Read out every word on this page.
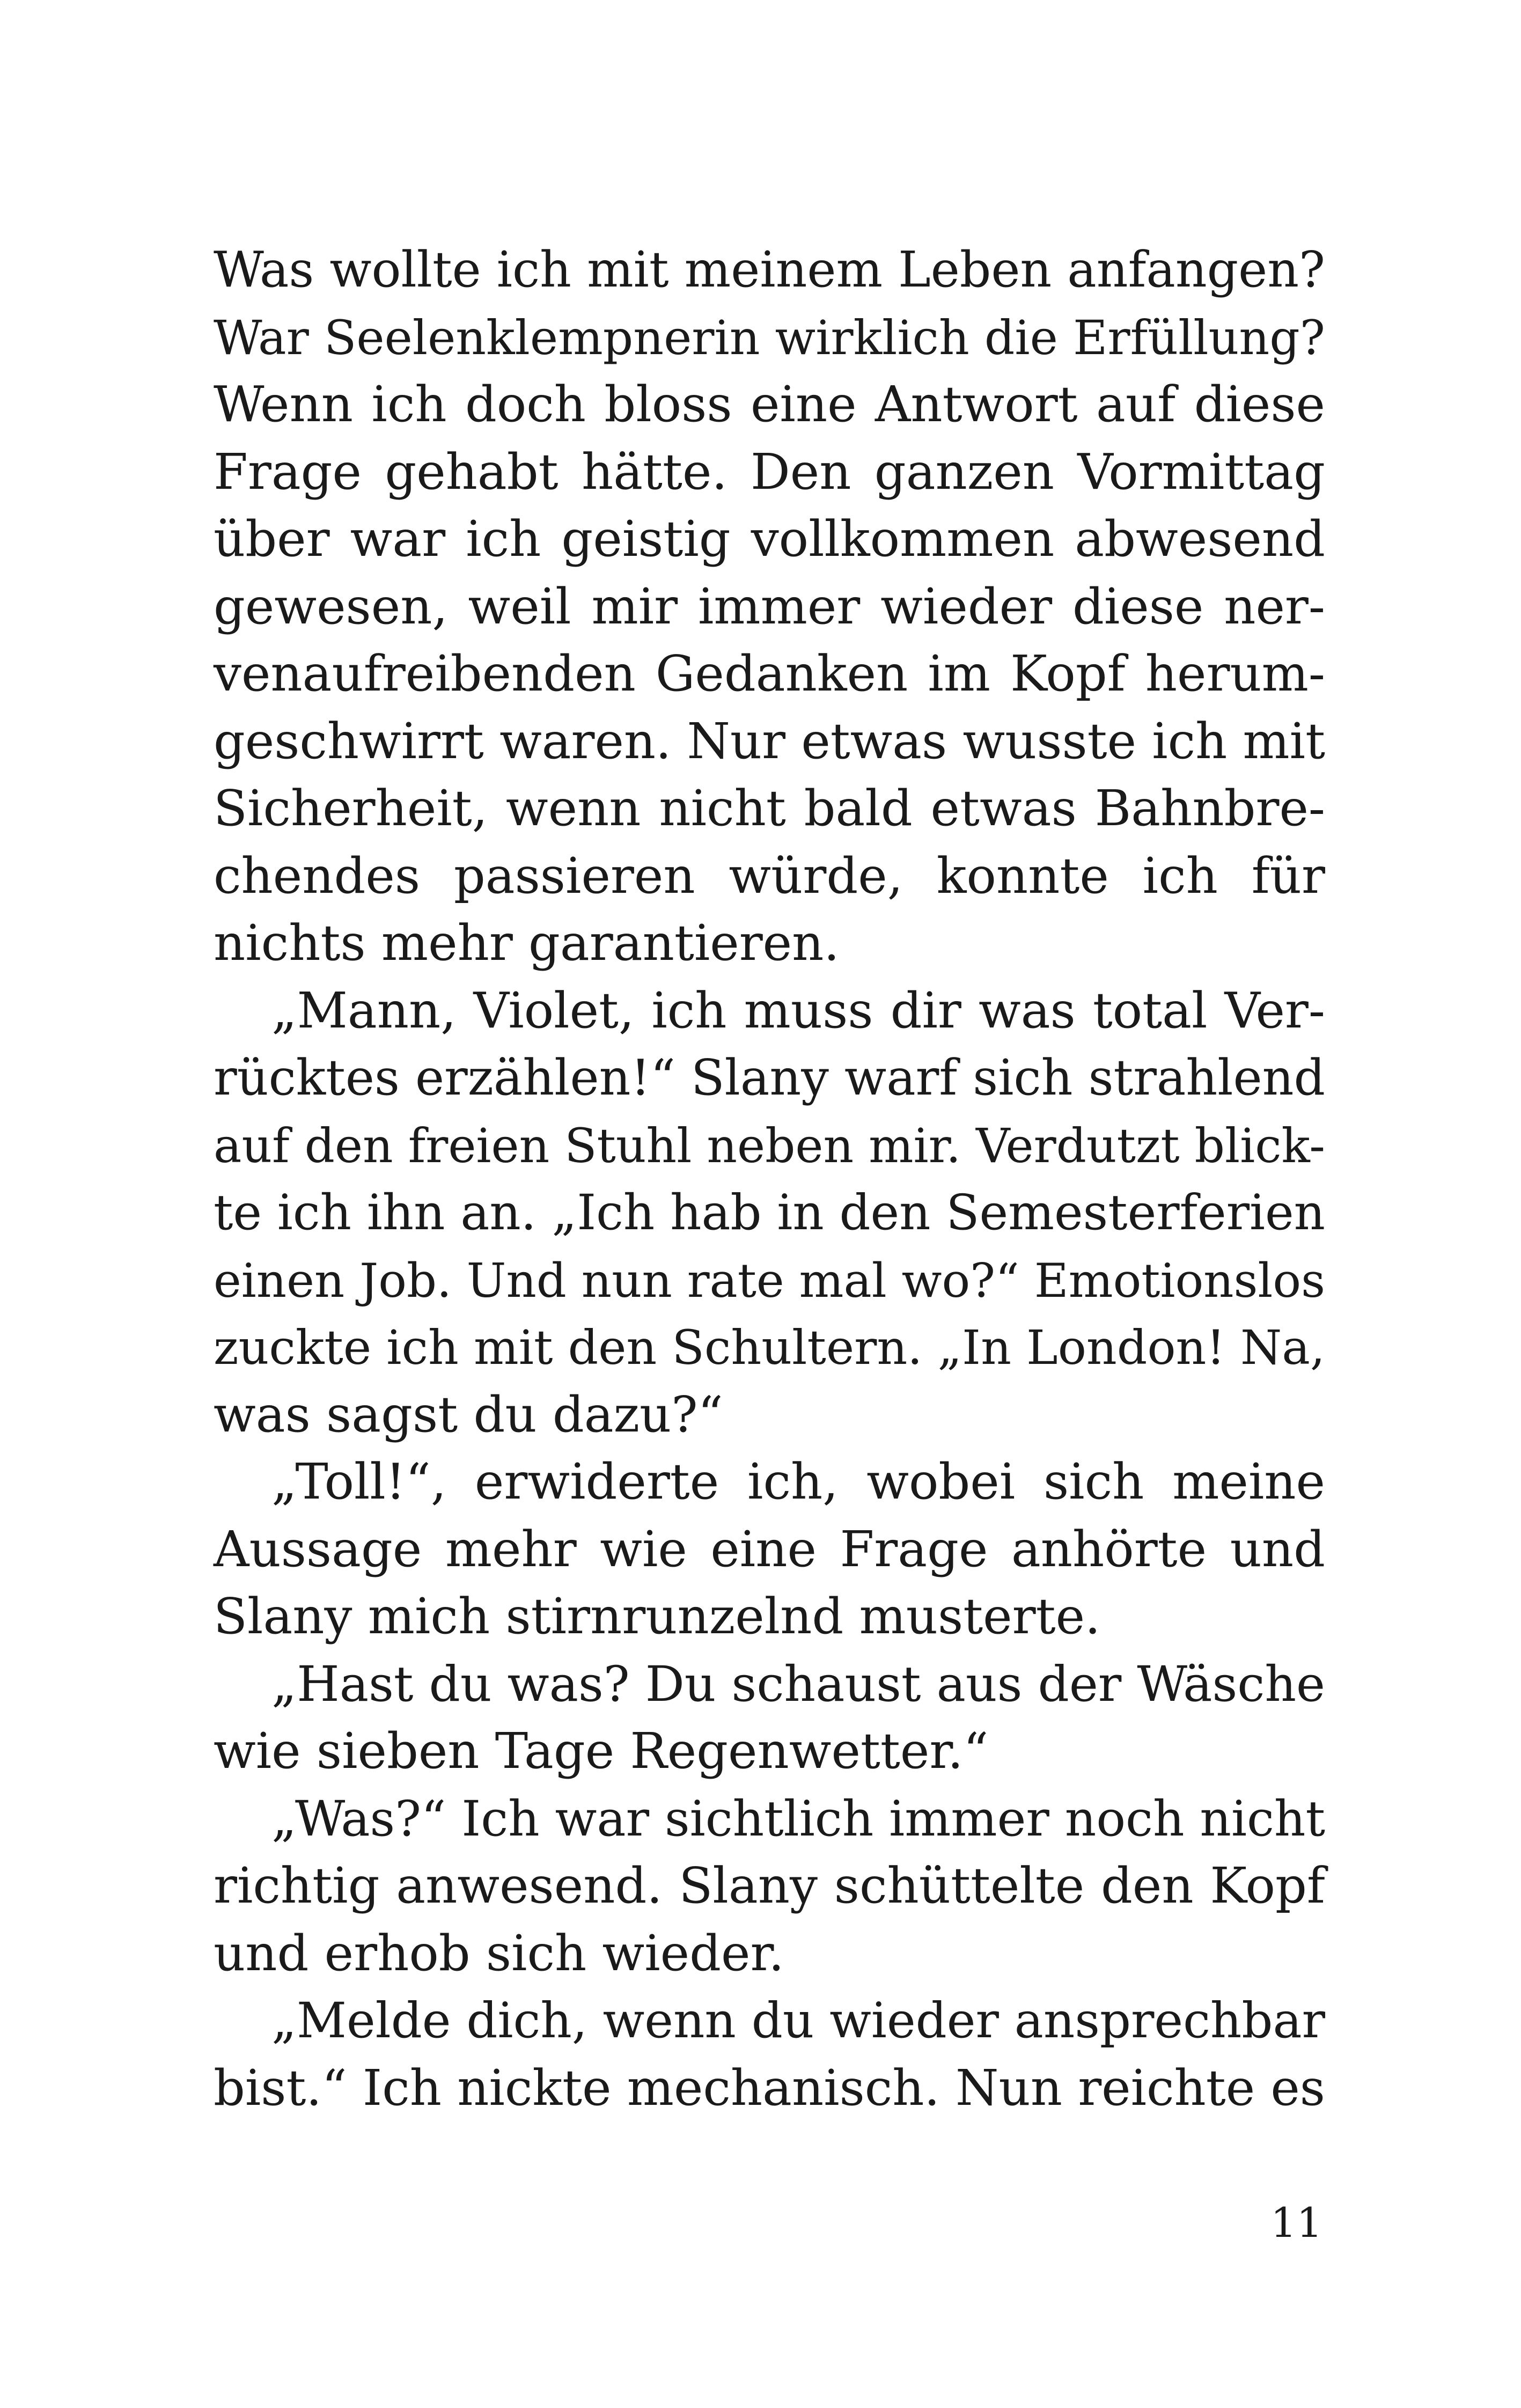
Was wollte ich mit meinem Leben anfangen?
War Seelenklempnerin wirklich die Erfüllung?
Wenn ich doch bloss eine Antwort auf diese
Frage gehabt hätte. Den ganzen Vormittag
über war ich geistig vollkommen abwesend
gewesen, weil mir immer wieder diese ner-
venaufreibenden Gedanken im Kopf herum-
geschwirrt waren. Nur etwas wusste ich mit
Sicherheit, wenn nicht bald etwas Bahnbre-
chendes passieren würde, konnte ich für
nichts mehr garantieren.
„Mann, Violet, ich muss dir was total Ver-
rücktes erzählen!“ Slany warf sich strahlend
auf den freien Stuhl neben mir. Verdutzt blick-
te ich ihn an. „Ich hab in den Semesterferien
einen Job. Und nun rate mal wo?“ Emotionslos
zuckte ich mit den Schultern. „In London! Na,
was sagst du dazu?“
„Toll!“, erwiderte ich, wobei sich meine
Aussage mehr wie eine Frage anhörte und
Slany mich stirnrunzelnd musterte.
„Hast du was? Du schaust aus der Wäsche
wie sieben Tage Regenwetter.“
„Was?“ Ich war sichtlich immer noch nicht
richtig anwesend. Slany schüttelte den Kopf
und erhob sich wieder.
„Melde dich, wenn du wieder ansprechbar
bist.“ Ich nickte mechanisch. Nun reichte es
11
